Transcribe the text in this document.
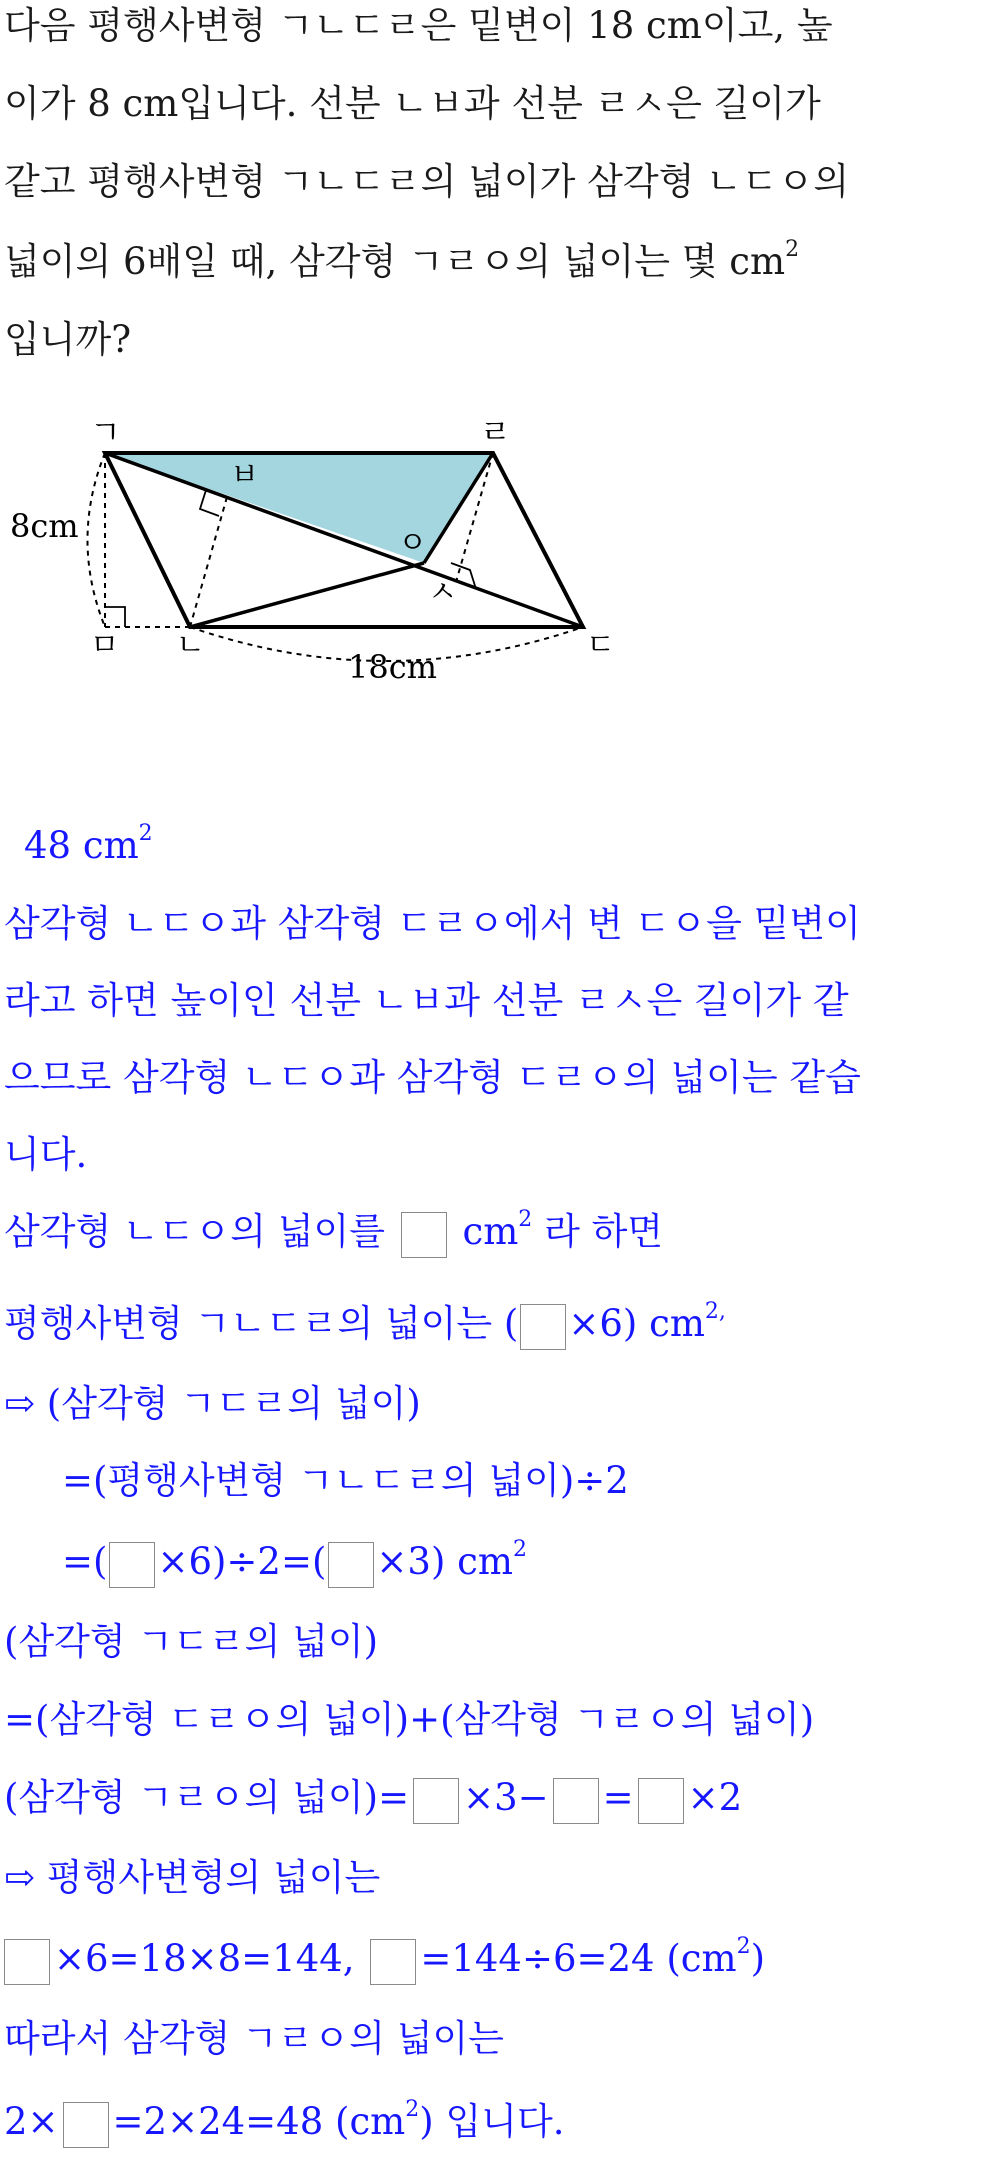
다음 평행사변형 ㄱㄴㄷㄹ은 밑변이 18 cm이고, 높
이가 8 cm입니다. 선분 ㄴㅂ과 선분 ㄹㅅ은 길이가
같고 평행사변형 ㄱㄴㄷㄹ의 넓이가 삼각형 ㄴㄷㅇ의
넓이의 6배일 때, 삼각형 ㄱㄹㅇ의 넓이는 몇 $cm^2$
입니까?
ㄱ	ㄹ
ㅂ
ㅇ
ㅅ
ㅁ ㄴ	ㄷ
8cm
18cm
48 $cm^2$
삼각형 ㄴㄷㅇ과 삼각형 ㄷㄹㅇ에서 변 ㄷㅇ을 밑변이
라고 하면 높이인 선분 ㄴㅂ과 선분 ㄹㅅ은 길이가 같
으므로 삼각형 ㄴㄷㅇ과 삼각형 ㄷㄹㅇ의 넓이는 같습
니다.
삼각형 ㄴㄷㅇ의 넓이를 $cm^2$ 라 하면
평행사변형 ㄱㄴㄷㄹ의 넓이는 ( ×6) $cm^{2,}$
⇨ (삼각형 ㄱㄷㄹ의 넓이)
=(평행사변형 ㄱㄴㄷㄹ의 넓이)÷2
=( ×6)÷2=( ×3) $cm^2$
(삼각형 ㄱㄷㄹ의 넓이)
=(삼각형 ㄷㄹㅇ의 넓이)+(삼각형 ㄱㄹㅇ의 넓이)
(삼각형 ㄱㄹㅇ의 넓이)= ×3− = ×2
⇨ 평행사변형의 넓이는
×6=18×8=144, =144÷6=24 $(cm^2)$
따라서 삼각형 ㄱㄹㅇ의 넓이는
2× =2×24=48 $(cm^2)$ 입니다.
